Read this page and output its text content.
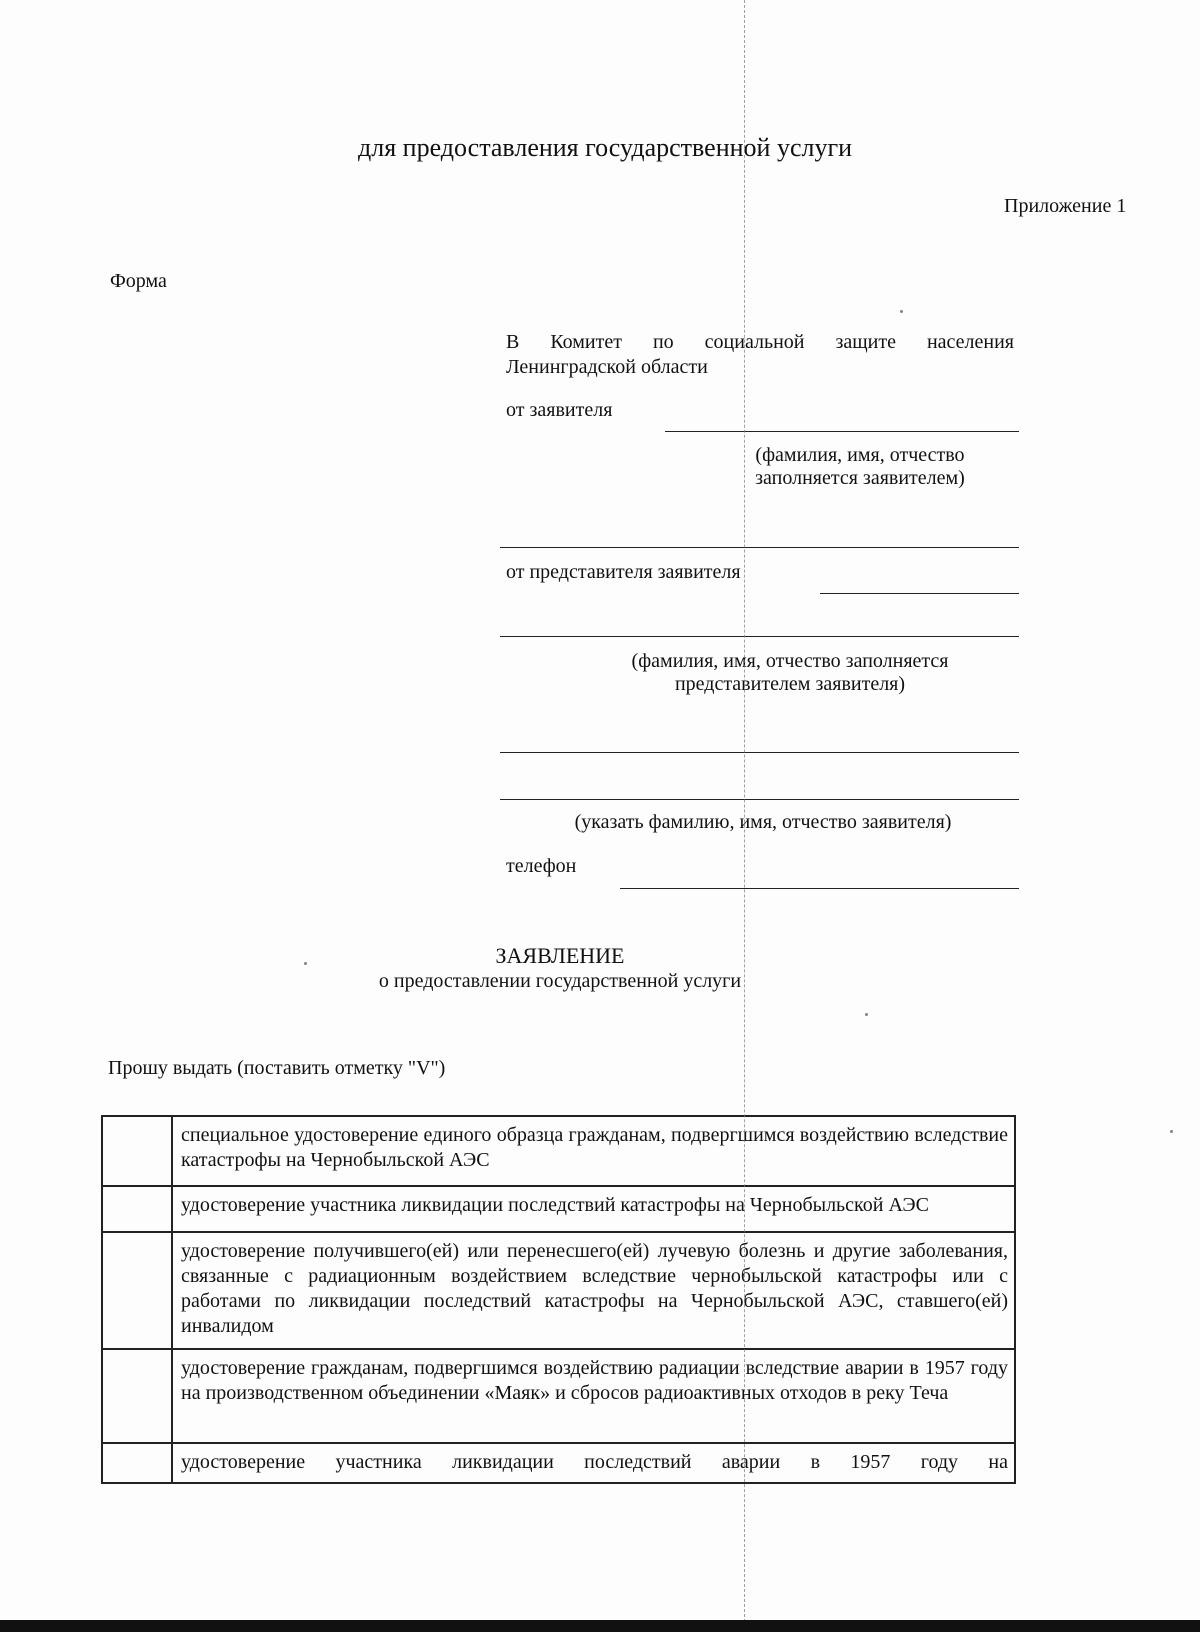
для предоставления государственной услуги
Приложение 1
Форма
В Комитет по социальной защите населения
Ленинградской области
от заявителя
(фамилия, имя, отчество
заполняется заявителем)
от представителя заявителя
(фамилия, имя, отчество заполняется
представителем заявителя)
(указать фамилию, имя, отчество заявителя)
телефон
ЗАЯВЛЕНИЕ
о предоставлении государственной услуги
Прошу выдать (поставить отметку "V")
	специальное удостоверение единого образца гражданам, подвергшимся воздействию вследствие катастрофы на Чернобыльской АЭС
	удостоверение участника ликвидации последствий катастрофы на Чернобыльской АЭС
	удостоверение получившего(ей) или перенесшего(ей) лучевую болезнь и другие заболевания, связанные с радиационным воздействием вследствие чернобыльской катастрофы или с работами по ликвидации последствий катастрофы на Чернобыльской АЭС, ставшего(ей) инвалидом
	удостоверение гражданам, подвергшимся воздействию радиации вследствие аварии в 1957 году на производственном объединении «Маяк» и сбросов радиоактивных отходов в реку Теча
	удостоверение участника ликвидации последствий аварии в 1957 году на
